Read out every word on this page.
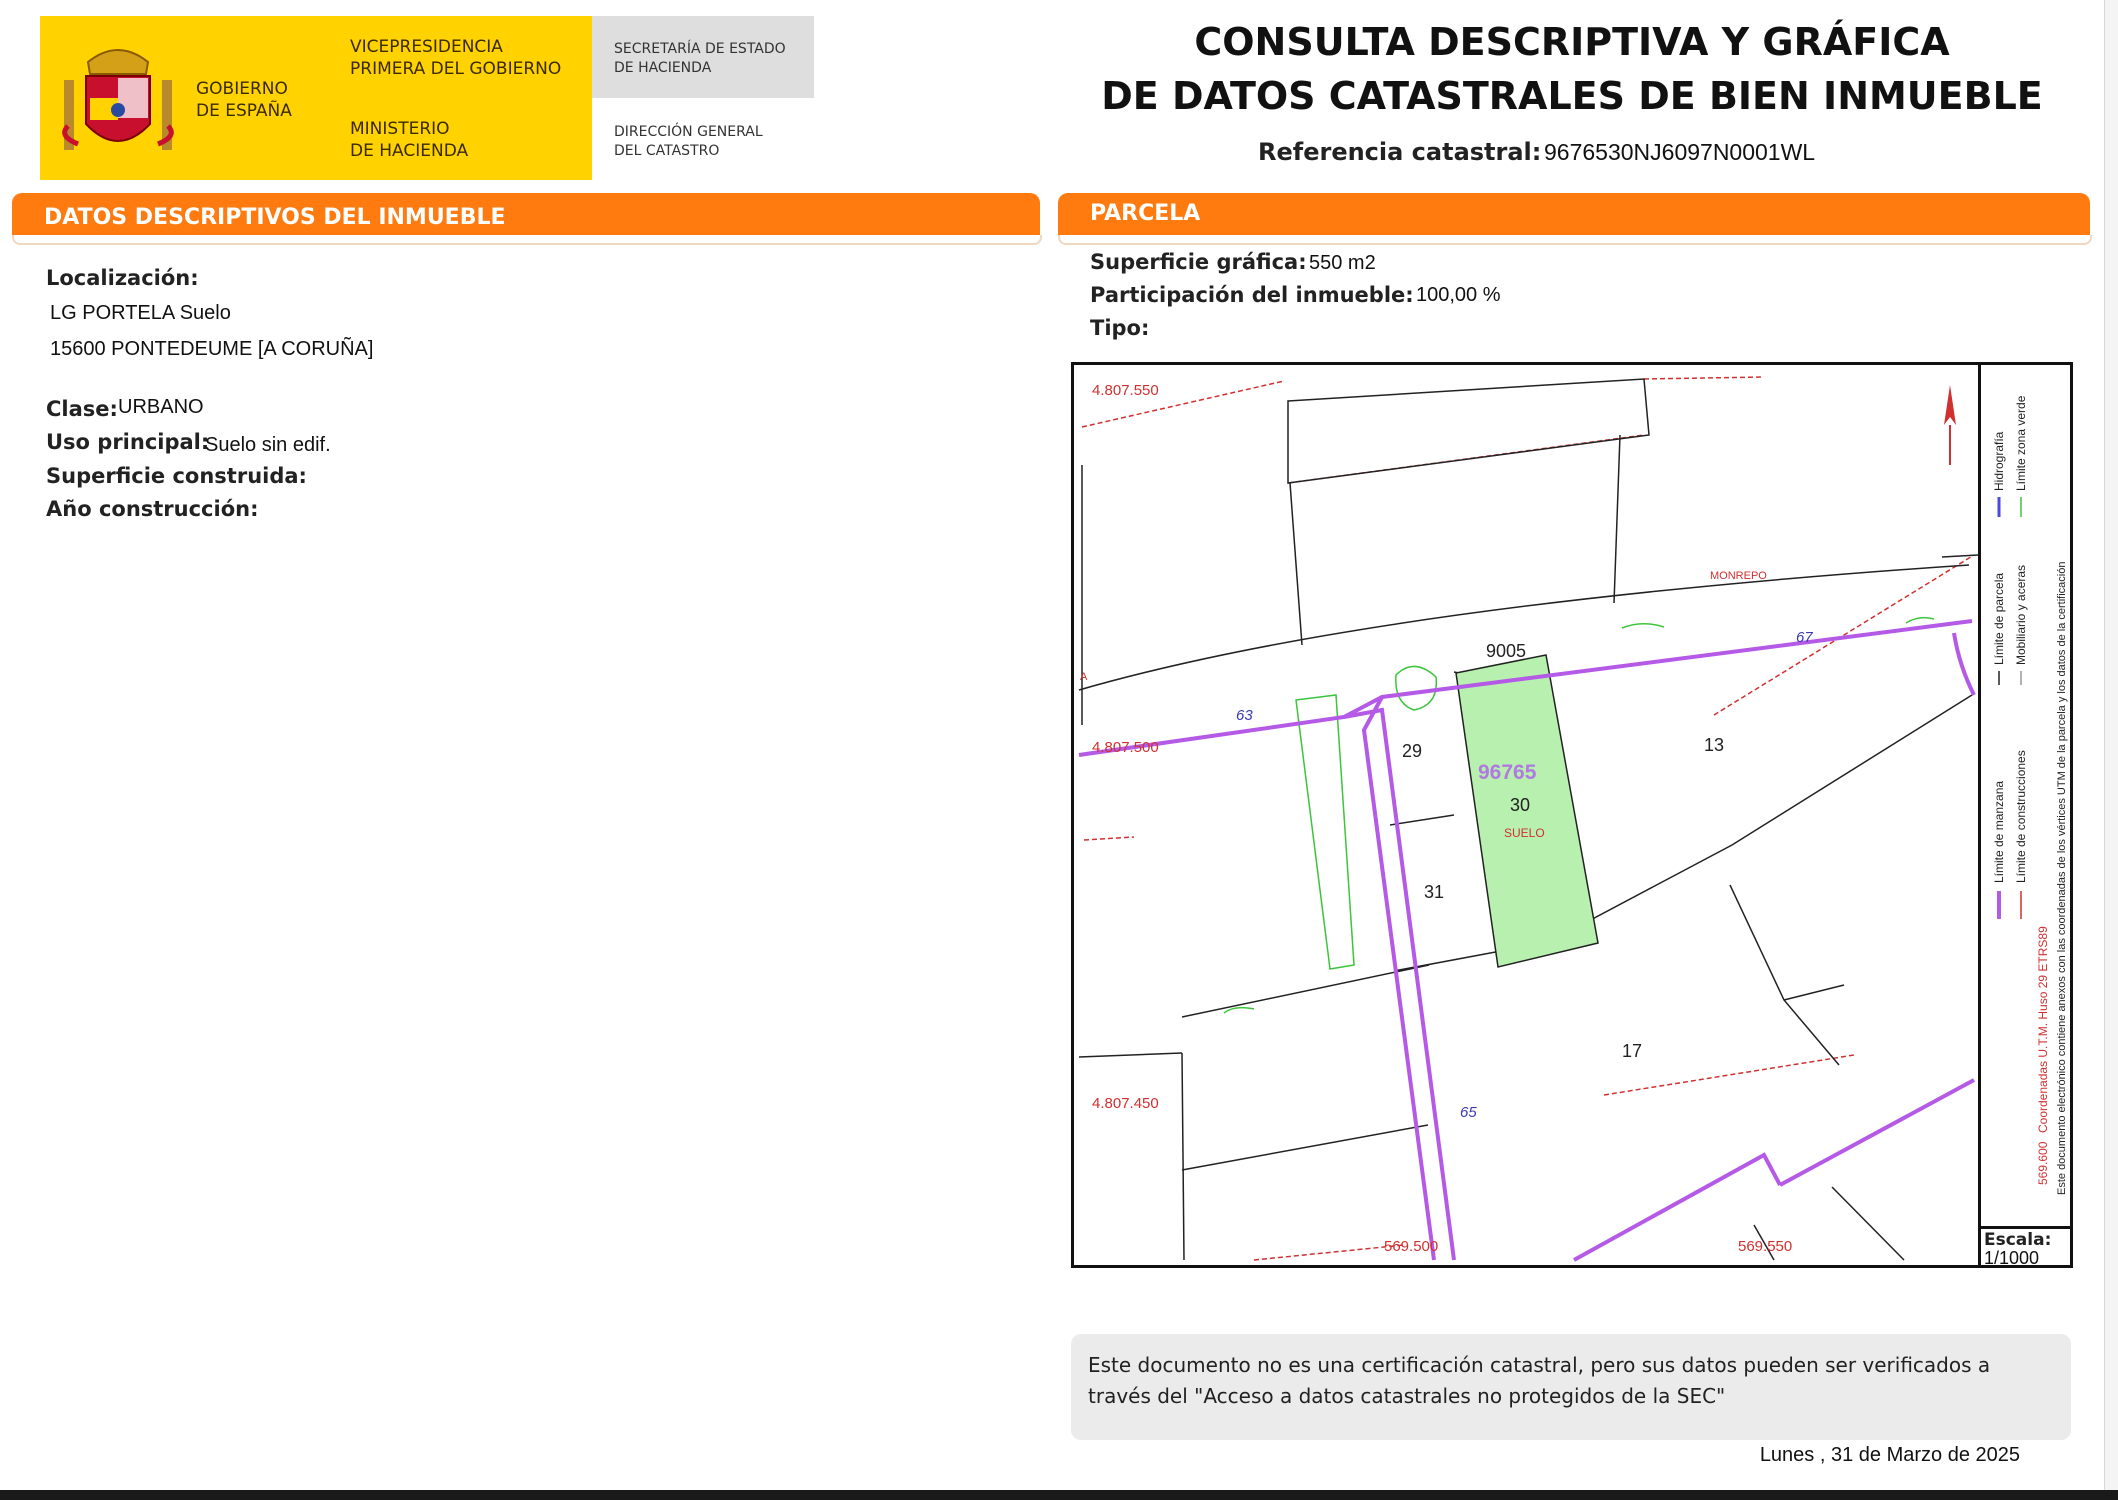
GOBIERNO
DE ESPAÑA
VICEPRESIDENCIA
PRIMERA DEL GOBIERNO
MINISTERIO
DE HACIENDA
SECRETARÍA DE ESTADO
DE HACIENDA
DIRECCIÓN GENERAL
DEL CATASTRO
CONSULTA DESCRIPTIVA Y GRÁFICA
DE DATOS CATASTRALES DE BIEN INMUEBLE
Referencia catastral: 9676530NJ6097N0001WL
DATOS DESCRIPTIVOS DEL INMUEBLE
Localización:
LG PORTELA Suelo
15600 PONTEDEUME [A CORUÑA]
Clase: URBANO
Uso principal:
Suelo sin edif.
Superficie construida:
Año construcción:
PARCELA
Superficie gráfica: 550 m2
Participación del inmueble: 100,00 %
Tipo:
4.807.550
4.807.500
4.807.450
569.500	569.550
A
9005
29
30
31
13
17
96765
SUELO
MONREPO
63
67
65
Límite de manzana
Límite de parcela
Hidrografía
Límite de construcciones
Mobiliario y aceras
Límite zona verde
569.600
Coordenadas U.T.M. Huso 29 ETRS89 Este documento electrónico contiene anexos con las coordenadas de los vértices UTM de la parcela y los datos de la certificación
Escala:
1/1000
Este documento no es una certificación catastral, pero sus datos pueden ser verificados a través del "Acceso a datos catastrales no protegidos de la SEC"
Lunes , 31 de Marzo de 2025
